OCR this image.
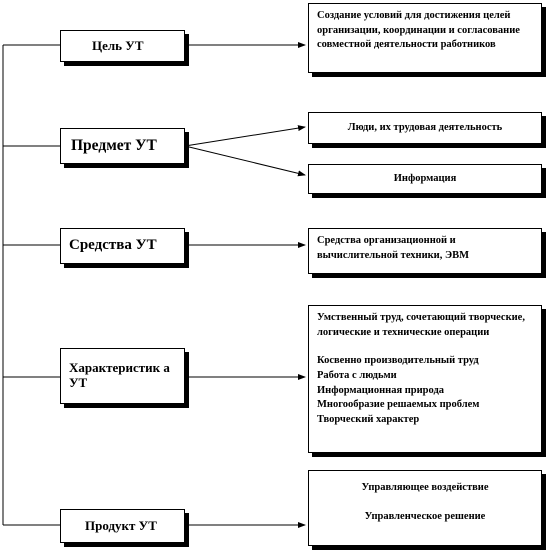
Цель УТ
Предмет УТ
Средства УТ
Характеристик а УТ
Продукт УТ

Создание условий для достижения целей организации, координации и согласование совместной деятельности работников

Люди, их трудовая деятельность

Информация

Средства организационной и вычислительной техники, ЭВМ

Умственный труд, сочетающий творческие, логические и технические операции

Косвенно производительный труд

Работа с людьми

Информационная природа

Многообразие решаемых проблем

Творческий характер

Управляющее воздействие

Управленческое решение
